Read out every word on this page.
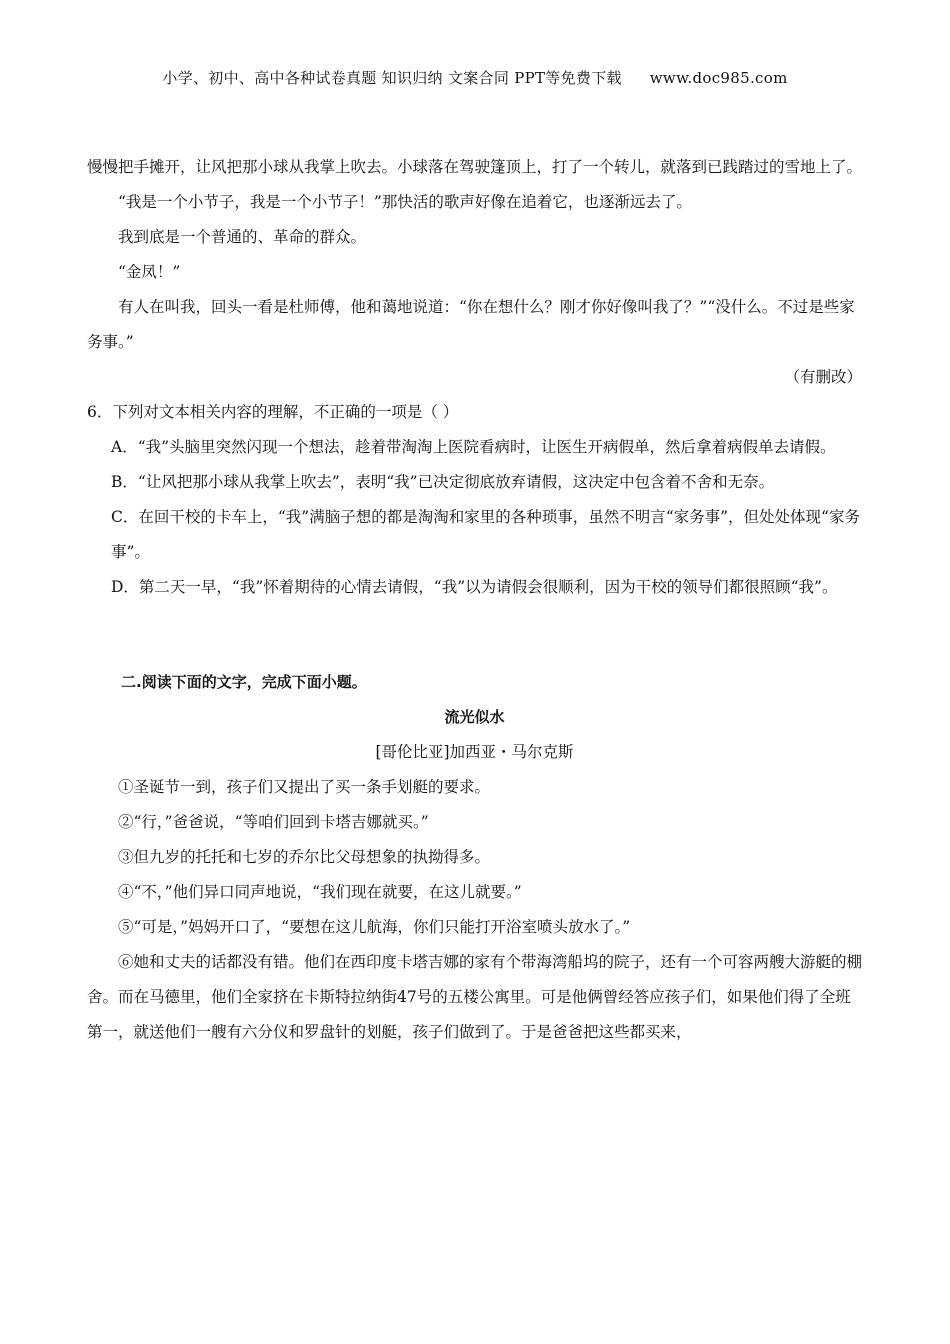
小学、初中、高中各种试卷真题 知识归纳 文案合同 PPT等免费下载 www.doc985.com

慢慢把手摊开，让风把那小球从我掌上吹去。小球落在驾驶篷顶上，打了一个转儿，就落到已践踏过的雪地上了。

“我是一个小节子，我是一个小节子！”那快活的歌声好像在追着它，也逐渐远去了。

我到底是一个普通的、革命的群众。

“金凤！”

有人在叫我，回头一看是杜师傅，他和蔼地说道：“你在想什么？刚才你好像叫我了？”“没什么。不过是些家务事。”

（有删改）

6．下列对文本相关内容的理解，不正确的一项是（ ）

A．“我”头脑里突然闪现一个想法，趁着带淘淘上医院看病时，让医生开病假单，然后拿着病假单去请假。

B．“让风把那小球从我掌上吹去”，表明“我”已决定彻底放弃请假，这决定中包含着不舍和无奈。

C．在回干校的卡车上，“我”满脑子想的都是淘淘和家里的各种琐事，虽然不明言“家务事”，但处处体现“家务事”。

D．第二天一早，“我”怀着期待的心情去请假，“我”以为请假会很顺利，因为干校的领导们都很照顾“我”。

二.阅读下面的文字，完成下面小题。

流光似水

[哥伦比亚]加西亚・马尔克斯

①圣诞节一到，孩子们又提出了买一条手划艇的要求。

②“行，”爸爸说，“等咱们回到卡塔吉娜就买。”

③但九岁的托托和七岁的乔尔比父母想象的执拗得多。

④“不，”他们异口同声地说，“我们现在就要，在这儿就要。”

⑤“可是，”妈妈开口了，“要想在这儿航海，你们只能打开浴室喷头放水了。”

⑥她和丈夫的话都没有错。他们在西印度卡塔吉娜的家有个带海湾船坞的院子，还有一个可容两艘大游艇的棚舍。而在马德里，他们全家挤在卡斯特拉纳街47号的五楼公寓里。可是他俩曾经答应孩子们，如果他们得了全班第一，就送他们一艘有六分仪和罗盘针的划艇，孩子们做到了。于是爸爸把这些都买来，
